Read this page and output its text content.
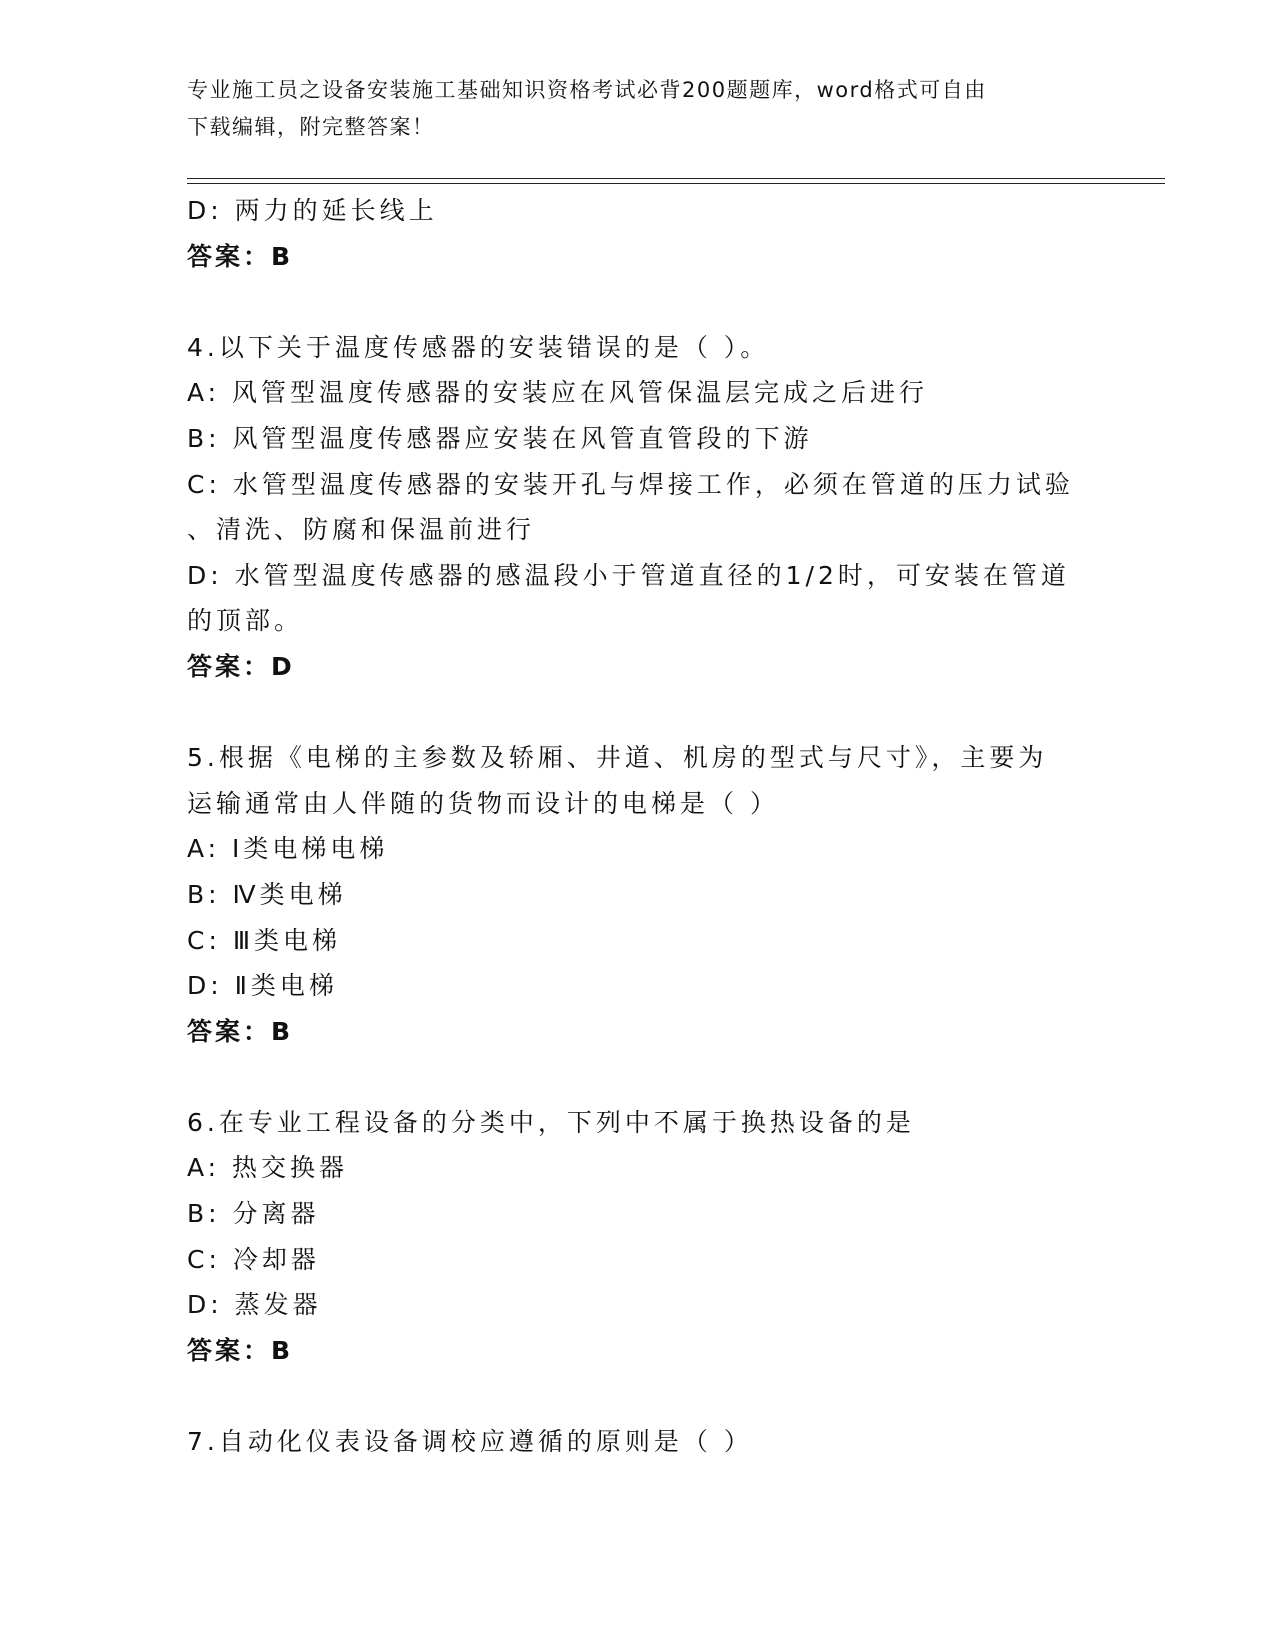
专业施工员之设备安装施工基础知识资格考试必背200题题库，word格式可自由
下载编辑，附完整答案！
D: 两力的延长线上
答案：B
4.以下关于温度传感器的安装错误的是（ ）。
A: 风管型温度传感器的安装应在风管保温层完成之后进行
B: 风管型温度传感器应安装在风管直管段的下游
C: 水管型温度传感器的安装开孔与焊接工作，必须在管道的压力试验
、清洗、防腐和保温前进行
D: 水管型温度传感器的感温段小于管道直径的1/2时，可安装在管道
的顶部。
答案：D
5.根据《电梯的主参数及轿厢、井道、机房的型式与尺寸》，主要为
运输通常由人伴随的货物而设计的电梯是（ ）
A: Ⅰ类电梯电梯
B: Ⅳ类电梯
C: Ⅲ类电梯
D: Ⅱ类电梯
答案：B
6.在专业工程设备的分类中，下列中不属于换热设备的是
A: 热交换器
B: 分离器
C: 冷却器
D: 蒸发器
答案：B
7.自动化仪表设备调校应遵循的原则是（ ）
